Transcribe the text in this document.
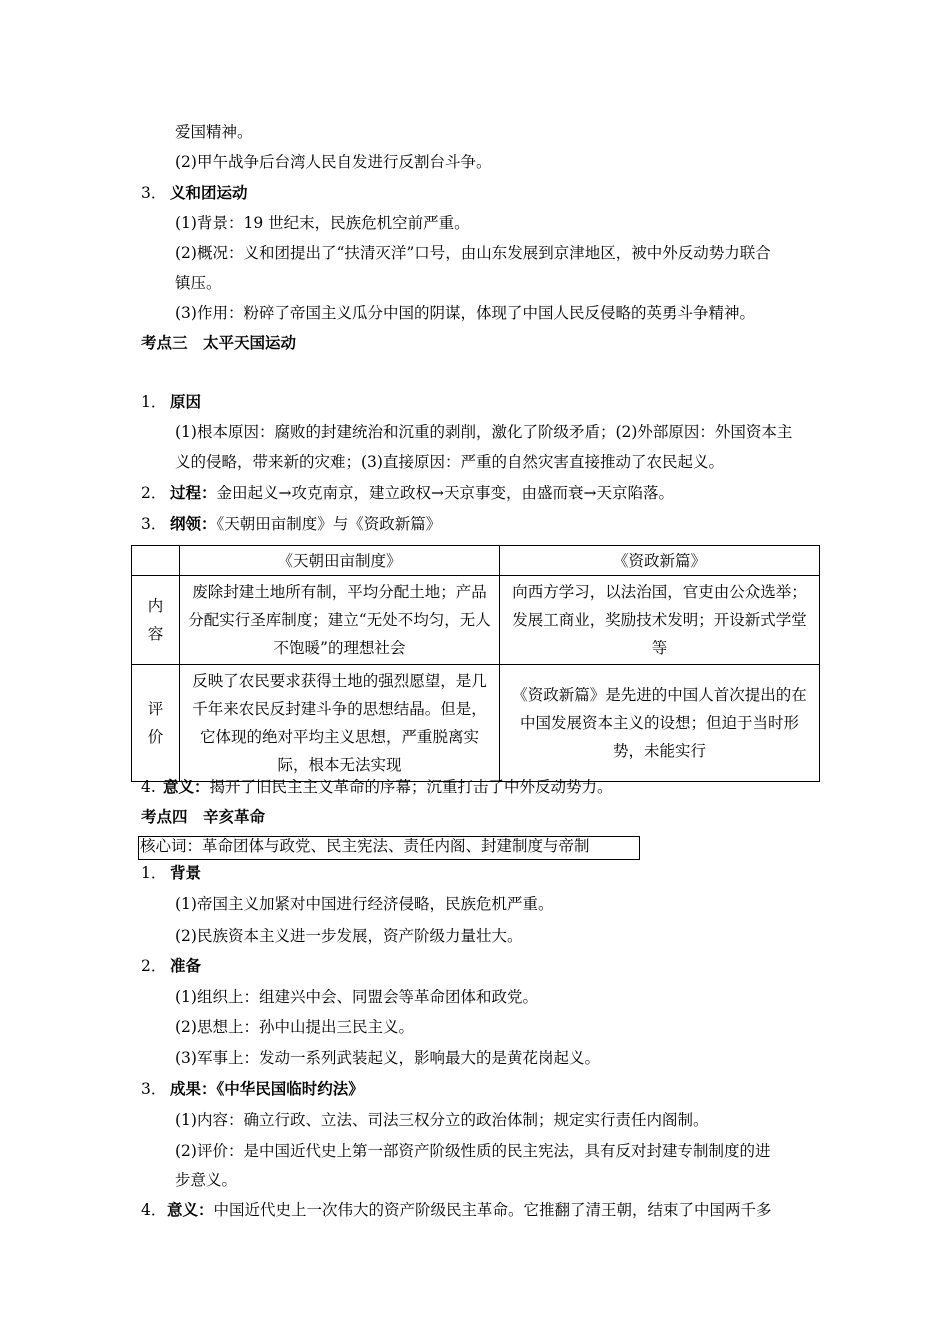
爱国精神。
(2)甲午战争后台湾人民自发进行反割台斗争。
3． 义和团运动
(1)背景：19 世纪末，民族危机空前严重。
(2)概况：义和团提出了“扶清灭洋”口号，由山东发展到京津地区，被中外反动势力联合
镇压。
(3)作用：粉碎了帝国主义瓜分中国的阴谋，体现了中国人民反侵略的英勇斗争精神。
考点三　太平天国运动
1． 原因
(1)根本原因：腐败的封建统治和沉重的剥削，激化了阶级矛盾；(2)外部原因：外国资本主
义的侵略，带来新的灾难；(3)直接原因：严重的自然灾害直接推动了农民起义。
2． 过程：金田起义→攻克南京，建立政权→天京事变，由盛而衰→天京陷落。
3． 纲领：《天朝田亩制度》与《资政新篇》
	《天朝田亩制度》	《资政新篇》
内
容	废除封建土地所有制，平均分配土地；产品分配实行圣库制度；建立“无处不均匀，无人不饱暖”的理想社会	向西方学习，以法治国，官吏由公众选举；发展工商业，奖励技术发明；开设新式学堂等
评
价	反映了农民要求获得土地的强烈愿望，是几千年来农民反封建斗争的思想结晶。但是，它体现的绝对平均主义思想，严重脱离实际，根本无法实现	《资政新篇》是先进的中国人首次提出的在中国发展资本主义的设想；但迫于当时形势，未能实行
4. 意义：揭开了旧民主主义革命的序幕；沉重打击了中外反动势力。
考点四　辛亥革命
核心词：革命团体与政党、民主宪法、责任内阁、封建制度与帝制
1． 背景
(1)帝国主义加紧对中国进行经济侵略，民族危机严重。
(2)民族资本主义进一步发展，资产阶级力量壮大。
2． 准备
(1)组织上：组建兴中会、同盟会等革命团体和政党。
(2)思想上：孙中山提出三民主义。
(3)军事上：发动一系列武装起义，影响最大的是黄花岗起义。
3． 成果：《中华民国临时约法》
(1)内容：确立行政、立法、司法三权分立的政治体制；规定实行责任内阁制。
(2)评价：是中国近代史上第一部资产阶级性质的民主宪法，具有反对封建专制制度的进
步意义。
4．意义：中国近代史上一次伟大的资产阶级民主革命。它推翻了清王朝，结束了中国两千多
